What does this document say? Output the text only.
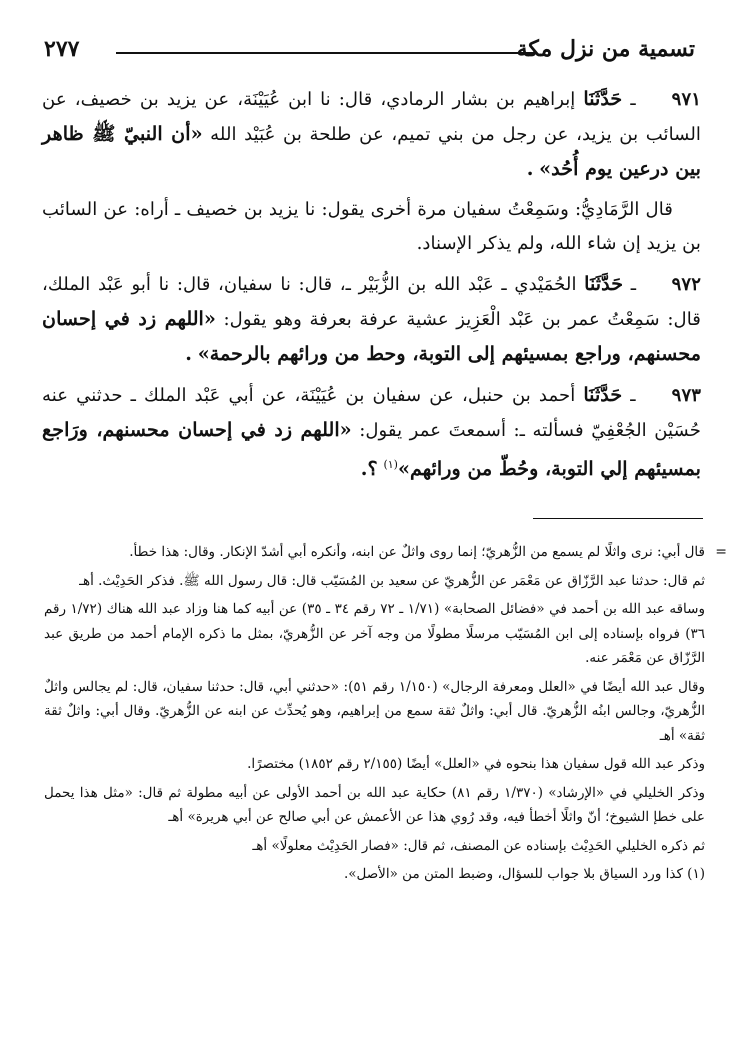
تسمية من نزل مكة
٢٧٧

٩٧١ ـ حَدَّثَنَا إبراهيم بن بشار الرمادي، قال: نا ابن عُيَيْنَة، عن يزيد بن خصيف، عن السائب بن يزيد، عن رجل من بني تميم، عن طلحة بن عُبَيْد الله «أن النبيّ ﷺ ظاهر بين درعين يوم أُحُد» .

قال الرَّمَادِيُّ: وسَمِعْتُ سفيان مرة أخرى يقول: نا يزيد بن خصيف ـ أراه: عن السائب بن يزيد إن شاء الله، ولم يذكر الإسناد.

٩٧٢ ـ حَدَّثَنَا الحُمَيْدي ـ عَبْد الله بن الزُّبَيْر ـ، قال: نا سفيان، قال: نا أبو عَبْد الملك، قال: سَمِعْتُ عمر بن عَبْد الْعَزِيز عشية عرفة بعرفة وهو يقول: «اللهم زد في إحسان محسنهم، وراجع بمسيئهم إلى التوبة، وحط من ورائهم بالرحمة» .

٩٧٣ ـ حَدَّثَنَا أحمد بن حنبل، عن سفيان بن عُيَيْنَة، عن أبي عَبْد الملك ـ حدثني عنه حُسَيْن الجُعْفِيّ فسألته ـ: أسمعتَ عمر يقول: «اللهم زد في إحسان محسنهم، ورَاجع بمسيئهم إلي التوبة، وحُطّ من ورائهم»$^{(١)}$ ؟.

=
قال أبي: نرى واثلًا لم يسمع من الزُّهريّ؛ إنما روى واثلٌ عن ابنه، وأنكره أبي أشدّ الإنكار. وقال: هذا خطأ.

ثم قال: حدثنا عبد الرَّزّاق عن مَعْمَر عن الزُّهريّ عن سعيد بن المُسَيّب قال: قال رسول الله ﷺ. فذكر الحَدِيْث. أهـ

وساقه عبد الله بن أحمد في «فضائل الصحابة» (١/٧١ ـ ٧٢ رقم ٣٤ ـ ٣٥) عن أبيه كما هنا وزاد عبد الله هناك (١/٧٢ رقم ٣٦) فرواه بإسناده إلى ابن المُسَيّب مرسلًا مطولًا من وجه آخر عن الزُّهريّ، بمثل ما ذكره الإمام أحمد من طريق عبد الرَّزّاق عن مَعْمَر عنه.

وقال عبد الله أيضًا في «العلل ومعرفة الرجال» (١/١٥٠ رقم ٥١): «حدثني أبي، قال: حدثنا سفيان، قال: لم يجالس واثلٌ الزُّهريّ، وجالس ابنُه الزُّهريّ. قال أبي: واثلٌ ثقة سمع من إبراهيم، وهو يُحدِّث عن ابنه عن الزُّهريّ. وقال أبي: واثلٌ ثقة ثقة» أهـ

وذكر عبد الله قول سفيان هذا بنحوه في «العلل» أيضًا (٢/١٥٥ رقم ١٨٥٢) مختصرًا.

وذكر الخليلي في «الإرشاد» (١/٣٧٠ رقم ٨١) حكاية عبد الله بن أحمد الأولى عن أبيه مطولة ثم قال: «مثل هذا يحمل على خطإ الشيوخ؛ أنّ واثلًا أخطأ فيه، وقد رُوي هذا عن الأعمش عن أبي صالح عن أبي هريرة» أهـ

ثم ذكره الخليلي الحَدِيْث بإسناده عن المصنف، ثم قال: «فصار الحَدِيْث معلولًا» أهـ

(١) كذا ورد السياق بلا جواب للسؤال، وضبط المتن من «الأصل».
